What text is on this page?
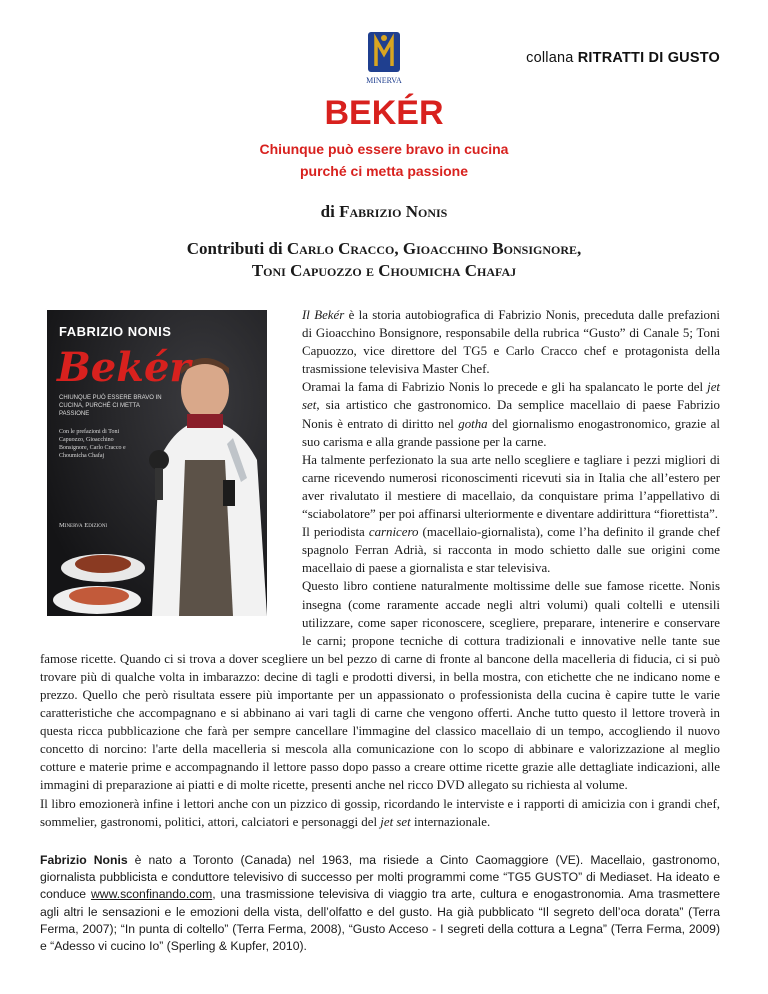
MINERVA
collana RITRATTI DI GUSTO
BEKÉR
Chiunque può essere bravo in cucina
purché ci metta passione
di Fabrizio Nonis
Contributi di Carlo Cracco, Gioacchino Bonsignore,
Toni Capuozzo e Choumicha Chafaj
FABRIZIO NONIS
Bekér
CHIUNQUE PUÒ ESSERE BRAVO IN CUCINA, PURCHÉ CI METTA PASSIONE
Con le prefazioni di Toni Capuozzo, Gioacchino Bonsignore, Carlo Cracco e Choumicha Chafaj
Minerva Edizioni

Il Bekér è la storia autobiografica di Fabrizio Nonis, preceduta dalle prefazioni di Gioacchino Bonsignore, responsabile della rubrica “Gusto” di Canale 5; Toni Capuozzo, vice direttore del TG5 e Carlo Cracco chef e protagonista della trasmissione televisiva Master Chef.

Oramai la fama di Fabrizio Nonis lo precede e gli ha spalancato le porte del jet set, sia artistico che gastronomico. Da semplice macellaio di paese Fabrizio Nonis è entrato di diritto nel gotha del giornalismo enogastronomico, grazie al suo carisma e alla grande passione per la carne.

Ha talmente perfezionato la sua arte nello scegliere e tagliare i pezzi migliori di carne ricevendo numerosi riconoscimenti ricevuti sia in Italia che all’estero per aver rivalutato il mestiere di macellaio, da conquistare prima l’appellativo di “sciabolatore” per poi affinarsi ulteriormente e diventare addirittura “fiorettista”.

Il periodista carnicero (macellaio-giornalista), come l’ha definito il grande chef spagnolo Ferran Adrià, si racconta in modo schietto dalle sue origini come macellaio di paese a giornalista e star televisiva.

Questo libro contiene naturalmente moltissime delle sue famose ricette. Nonis insegna (come raramente accade negli altri volumi) quali coltelli e utensili utilizzare, come saper riconoscere, scegliere, preparare, intenerire e conservare le carni; propone tecniche di cottura tradizionali e innovative nelle tante sue famose ricette. Quando ci si trova a dover scegliere un bel pezzo di carne di fronte al bancone della macelleria di fiducia, ci si può trovare più di qualche volta in imbarazzo: decine di tagli e prodotti diversi, in bella mostra, con etichette che ne indicano nome e prezzo. Quello che però risultata essere più importante per un appassionato o professionista della cucina è capire tutte le varie caratteristiche che accompagnano e si abbinano ai vari tagli di carne che vengono offerti. Anche tutto questo il lettore troverà in questa ricca pubblicazione che farà per sempre cancellare l'immagine del classico macellaio di un tempo, accogliendo il nuovo concetto di norcino: l'arte della macelleria si mescola alla comunicazione con lo scopo di abbinare e valorizzazione al meglio cotture e materie prime e accompagnando il lettore passo dopo passo a creare ottime ricette grazie alle dettagliate indicazioni, alle immagini di preparazione ai piatti e di molte ricette, presenti anche nel ricco DVD allegato su richiesta al volume.

Il libro emozionerà infine i lettori anche con un pizzico di gossip, ricordando le interviste e i rapporti di amicizia con i grandi chef, sommelier, gastronomi, politici, attori, calciatori e personaggi del jet set internazionale.

Fabrizio Nonis è nato a Toronto (Canada) nel 1963, ma risiede a Cinto Caomaggiore (VE). Macellaio, gastronomo, giornalista pubblicista e conduttore televisivo di successo per molti programmi come “TG5 GUSTO” di Mediaset. Ha ideato e conduce www.sconfinando.com, una trasmissione televisiva di viaggio tra arte, cultura e enogastronomia. Ama trasmettere agli altri le sensazioni e le emozioni della vista, dell’olfatto e del gusto. Ha già pubblicato “Il segreto dell’oca dorata” (Terra Ferma, 2007); “In punta di coltello” (Terra Ferma, 2008), “Gusto Acceso - I segreti della cottura a Legna” (Terra Ferma, 2009) e “Adesso vi cucino Io” (Sperling & Kupfer, 2010).
